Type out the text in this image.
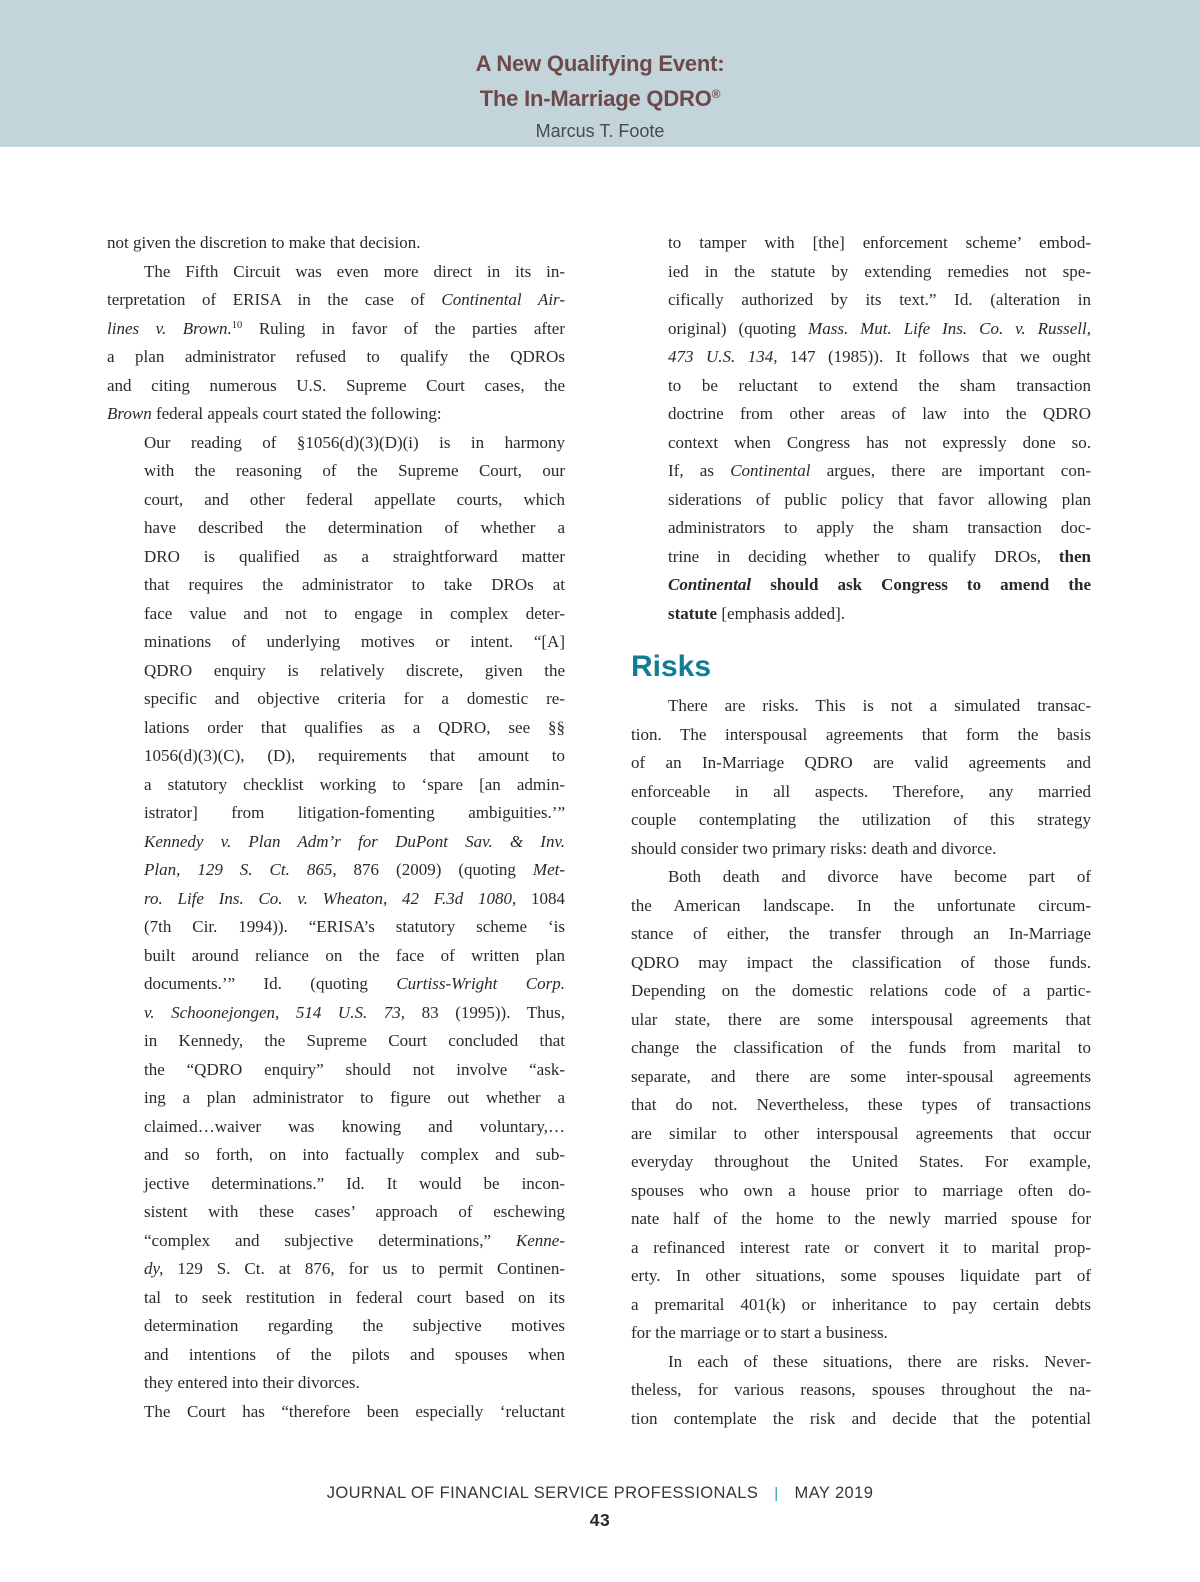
A New Qualifying Event:
The In-Marriage QDRO®
Marcus T. Foote
not given the discretion to make that decision.
The Fifth Circuit was even more direct in its in-
terpretation of ERISA in the case of Continental Air-
lines v. Brown.$^{10}$ Ruling in favor of the parties after
a plan administrator refused to qualify the QDROs
and citing numerous U.S. Supreme Court cases, the
Brown federal appeals court stated the following:
Our reading of §1056(d)(3)(D)(i) is in harmony
with the reasoning of the Supreme Court, our
court, and other federal appellate courts, which
have described the determination of whether a
DRO is qualified as a straightforward matter
that requires the administrator to take DROs at
face value and not to engage in complex deter-
minations of underlying motives or intent. “[A]
QDRO enquiry is relatively discrete, given the
specific and objective criteria for a domestic re-
lations order that qualifies as a QDRO, see §§
1056(d)(3)(C), (D), requirements that amount to
a statutory checklist working to ‘spare [an admin-
istrator] from litigation-fomenting ambiguities.’”
Kennedy v. Plan Adm’r for DuPont Sav. & Inv.
Plan, 129 S. Ct. 865, 876 (2009) (quoting Met-
ro. Life Ins. Co. v. Wheaton, 42 F.3d 1080, 1084
(7th Cir. 1994)). “ERISA’s statutory scheme ‘is
built around reliance on the face of written plan
documents.’” Id. (quoting Curtiss-Wright Corp.
v. Schoonejongen, 514 U.S. 73, 83 (1995)). Thus,
in Kennedy, the Supreme Court concluded that
the “QDRO enquiry” should not involve “ask-
ing a plan administrator to figure out whether a
claimed…waiver was knowing and voluntary,…
and so forth, on into factually complex and sub-
jective determinations.” Id. It would be incon-
sistent with these cases’ approach of eschewing
“complex and subjective determinations,” Kenne-
dy, 129 S. Ct. at 876, for us to permit Continen-
tal to seek restitution in federal court based on its
determination regarding the subjective motives
and intentions of the pilots and spouses when
they entered into their divorces.
The Court has “therefore been especially ‘reluctant
to tamper with [the] enforcement scheme’ embod-
ied in the statute by extending remedies not spe-
cifically authorized by its text.” Id. (alteration in
original) (quoting Mass. Mut. Life Ins. Co. v. Russell,
473 U.S. 134, 147 (1985)). It follows that we ought
to be reluctant to extend the sham transaction
doctrine from other areas of law into the QDRO
context when Congress has not expressly done so.
If, as Continental argues, there are important con-
siderations of public policy that favor allowing plan
administrators to apply the sham transaction doc-
trine in deciding whether to qualify DROs, then
Continental should ask Congress to amend the
statute [emphasis added].
Risks
There are risks. This is not a simulated transac-
tion. The interspousal agreements that form the basis
of an In-Marriage QDRO are valid agreements and
enforceable in all aspects. Therefore, any married
couple contemplating the utilization of this strategy
should consider two primary risks: death and divorce.
Both death and divorce have become part of
the American landscape. In the unfortunate circum-
stance of either, the transfer through an In-Marriage
QDRO may impact the classification of those funds.
Depending on the domestic relations code of a partic-
ular state, there are some interspousal agreements that
change the classification of the funds from marital to
separate, and there are some inter-spousal agreements
that do not. Nevertheless, these types of transactions
are similar to other interspousal agreements that occur
everyday throughout the United States. For example,
spouses who own a house prior to marriage often do-
nate half of the home to the newly married spouse for
a refinanced interest rate or convert it to marital prop-
erty. In other situations, some spouses liquidate part of
a premarital 401(k) or inheritance to pay certain debts
for the marriage or to start a business.
In each of these situations, there are risks. Never-
theless, for various reasons, spouses throughout the na-
tion contemplate the risk and decide that the potential
JOURNAL OF FINANCIAL SERVICE PROFESSIONALS | MAY 2019
43
